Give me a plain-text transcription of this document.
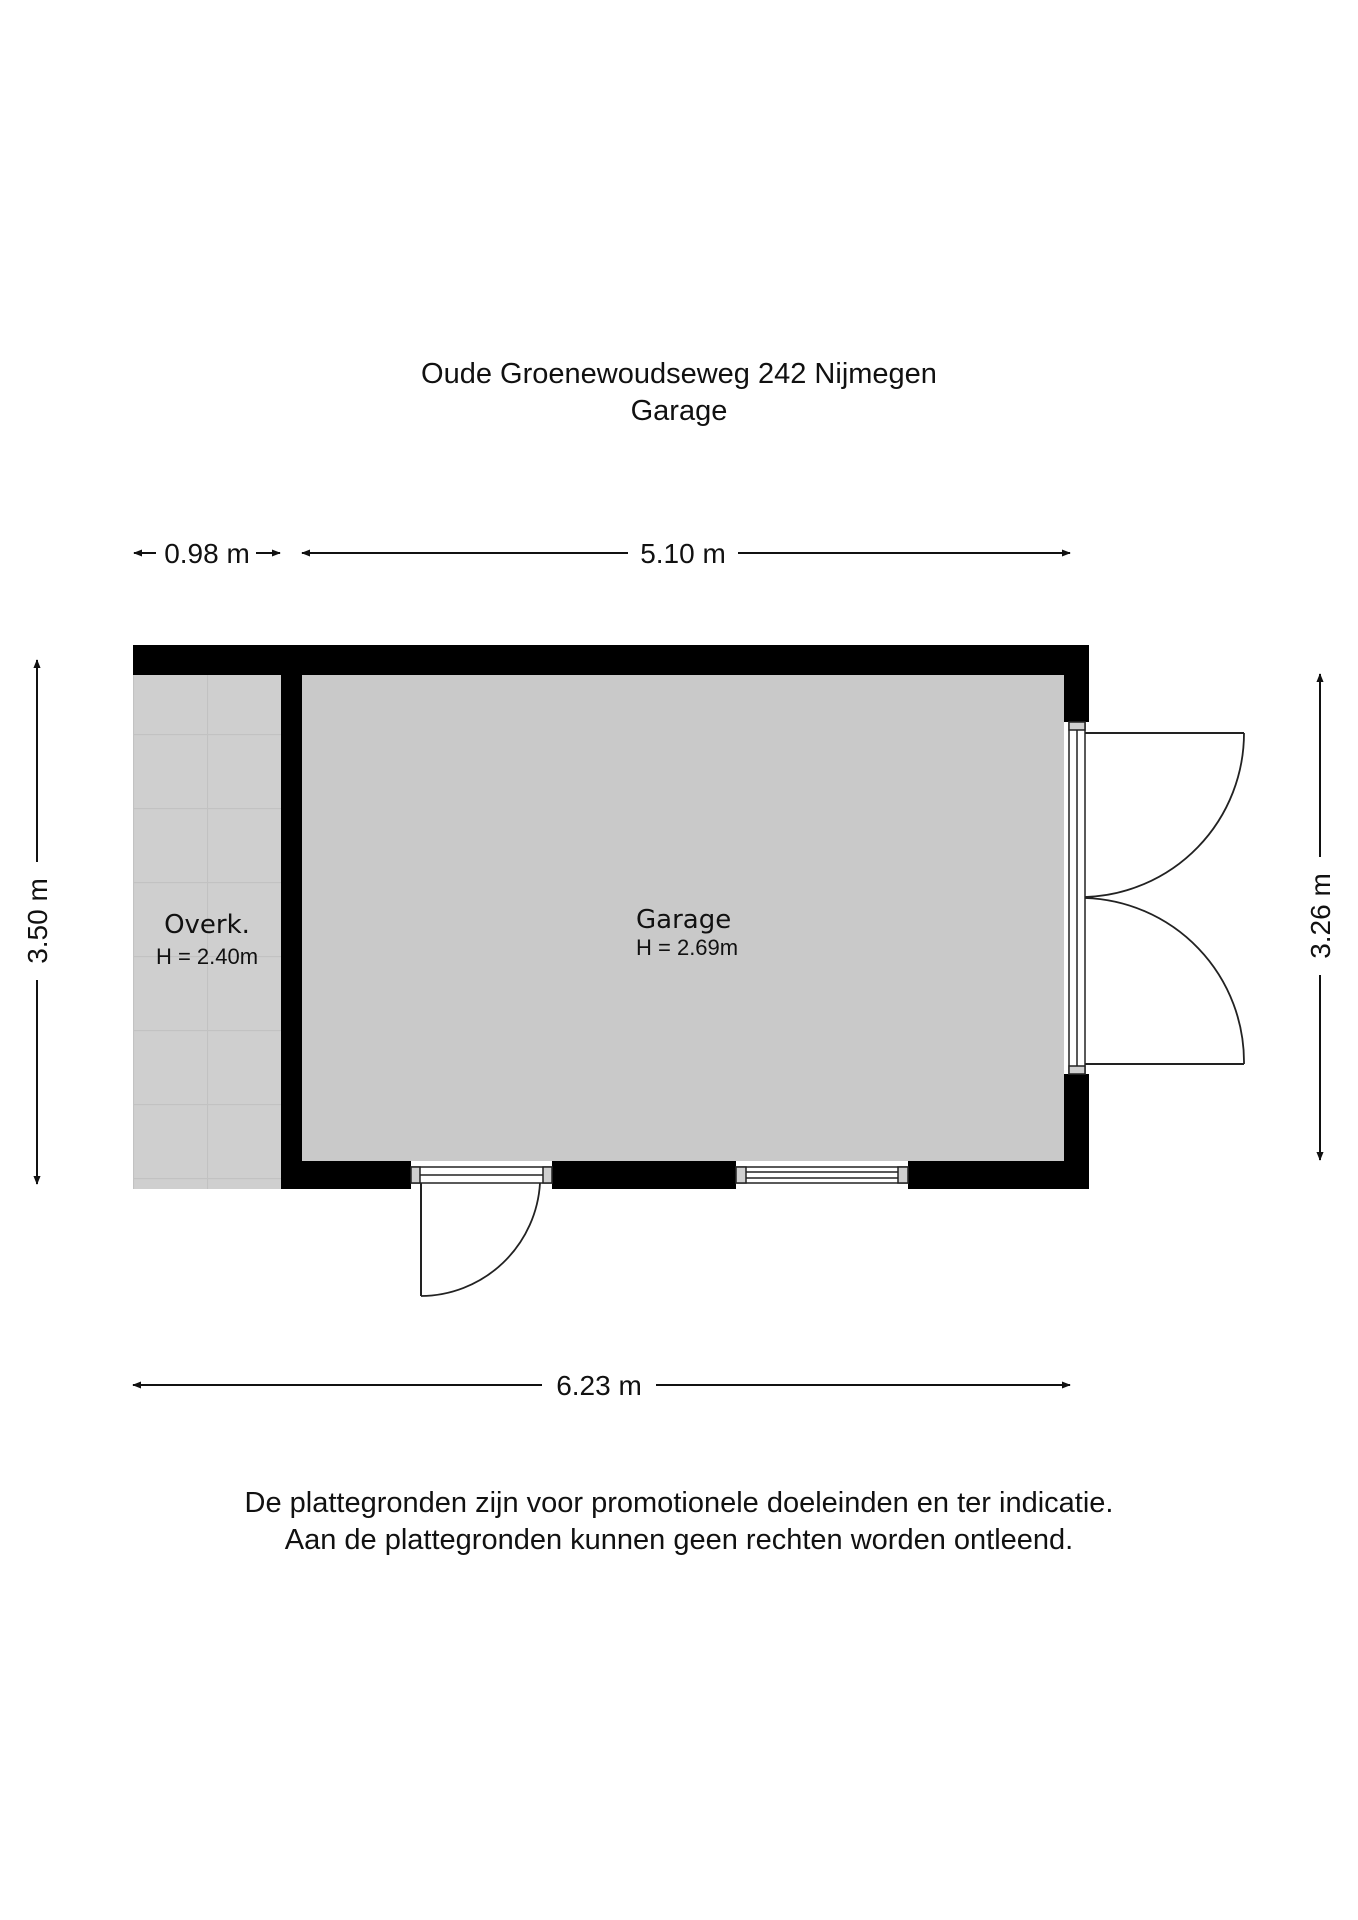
Oude Groenewoudseweg 242 Nijmegen
Garage
0.98 m	5.10 m
6.23 m
3.50 m	3.26 m
Overk.
H = 2.40m
Garage
H = 2.69m
De plattegronden zijn voor promotionele doeleinden en ter indicatie.
Aan de plattegronden kunnen geen rechten worden ontleend.
